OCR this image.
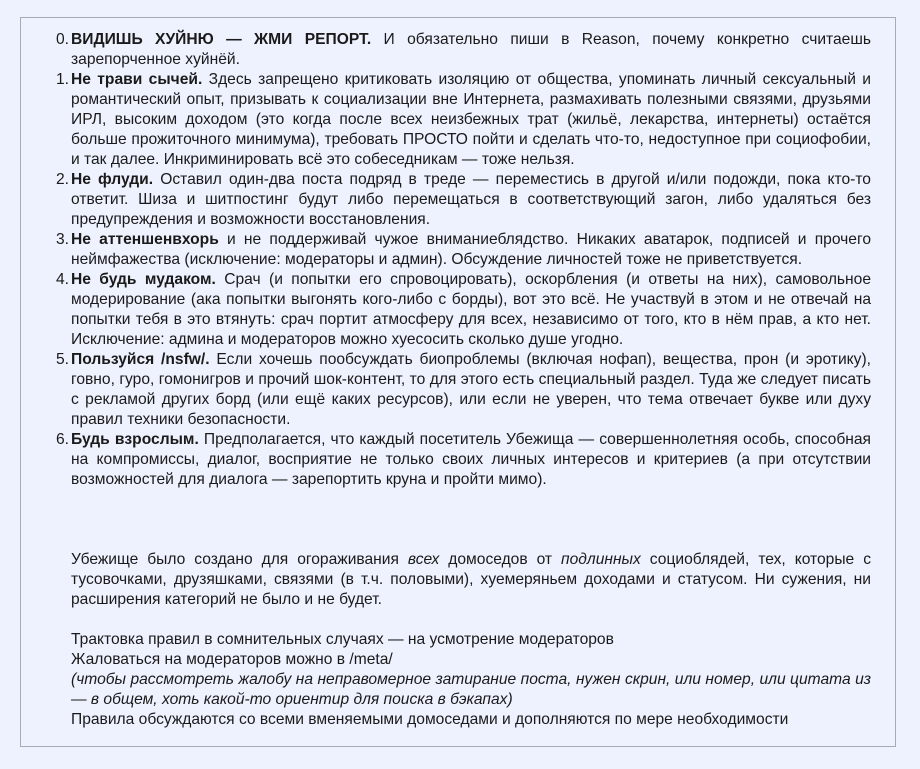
0. ВИДИШЬ ХУЙНЮ — ЖМИ РЕПОРТ. И обязательно пиши в Reason, почему конкретно считаешь зарепорченное хуйнёй.
1. Не трави сычей. Здесь запрещено критиковать изоляцию от общества, упоминать личный сексуальный и романтический опыт, призывать к социализации вне Интернета, размахивать полезными связями, друзьями ИРЛ, высоким доходом (это когда после всех неизбежных трат (жильё, лекарства, интернеты) остаётся больше прожиточного минимума), требовать ПРОСТО пойти и сделать что-то, недоступное при социофобии, и так далее. Инкриминировать всё это собеседникам — тоже нельзя.
2. Не флуди. Оставил один-два поста подряд в треде — переместись в другой и/или подожди, пока кто-то ответит. Шиза и шитпостинг будут либо перемещаться в соответствующий загон, либо удаляться без предупреждения и возможности восстановления.
3. Не аттеншенвхорь и не поддерживай чужое вниманиеблядство. Никаких аватарок, подписей и прочего неймфажества (исключение: модераторы и админ). Обсуждение личностей тоже не приветствуется.
4. Не будь мудаком. Срач (и попытки его спровоцировать), оскорбления (и ответы на них), самовольное модерирование (ака попытки выгонять кого-либо с борды), вот это всё. Не участвуй в этом и не отвечай на попытки тебя в это втянуть: срач портит атмосферу для всех, независимо от того, кто в нём прав, а кто нет. Исключение: админа и модераторов можно хуесосить сколько душе угодно.
5. Пользуйся /nsfw/. Если хочешь пообсуждать биопроблемы (включая нофап), вещества, прон (и эротику), говно, гуро, гомонигров и прочий шок-контент, то для этого есть специальный раздел. Туда же следует писать с рекламой других борд (или ещё каких ресурсов), или если не уверен, что тема отвечает букве или духу правил техники безопасности.
6. Будь взрослым. Предполагается, что каждый посетитель Убежища — совершеннолетняя особь, способная на компромиссы, диалог, восприятие не только своих личных интересов и критериев (а при отсутствии возможностей для диалога — зарепортить круна и пройти мимо).

Убежище было создано для огораживания всех домоседов от подлинных социоблядей, тех, которые с тусовочками, друзяшками, связями (в т.ч. половыми), хуемеряньем доходами и статусом. Ни сужения, ни расширения категорий не было и не будет.

Трактовка правил в сомнительных случаях — на усмотрение модераторов

Жаловаться на модераторов можно в /meta/

(чтобы рассмотреть жалобу на неправомерное затирание поста, нужен скрин, или номер, или цитата из — в общем, хоть какой-то ориентир для поиска в бэкапах)

Правила обсуждаются со всеми вменяемыми домоседами и дополняются по мере необходимости
